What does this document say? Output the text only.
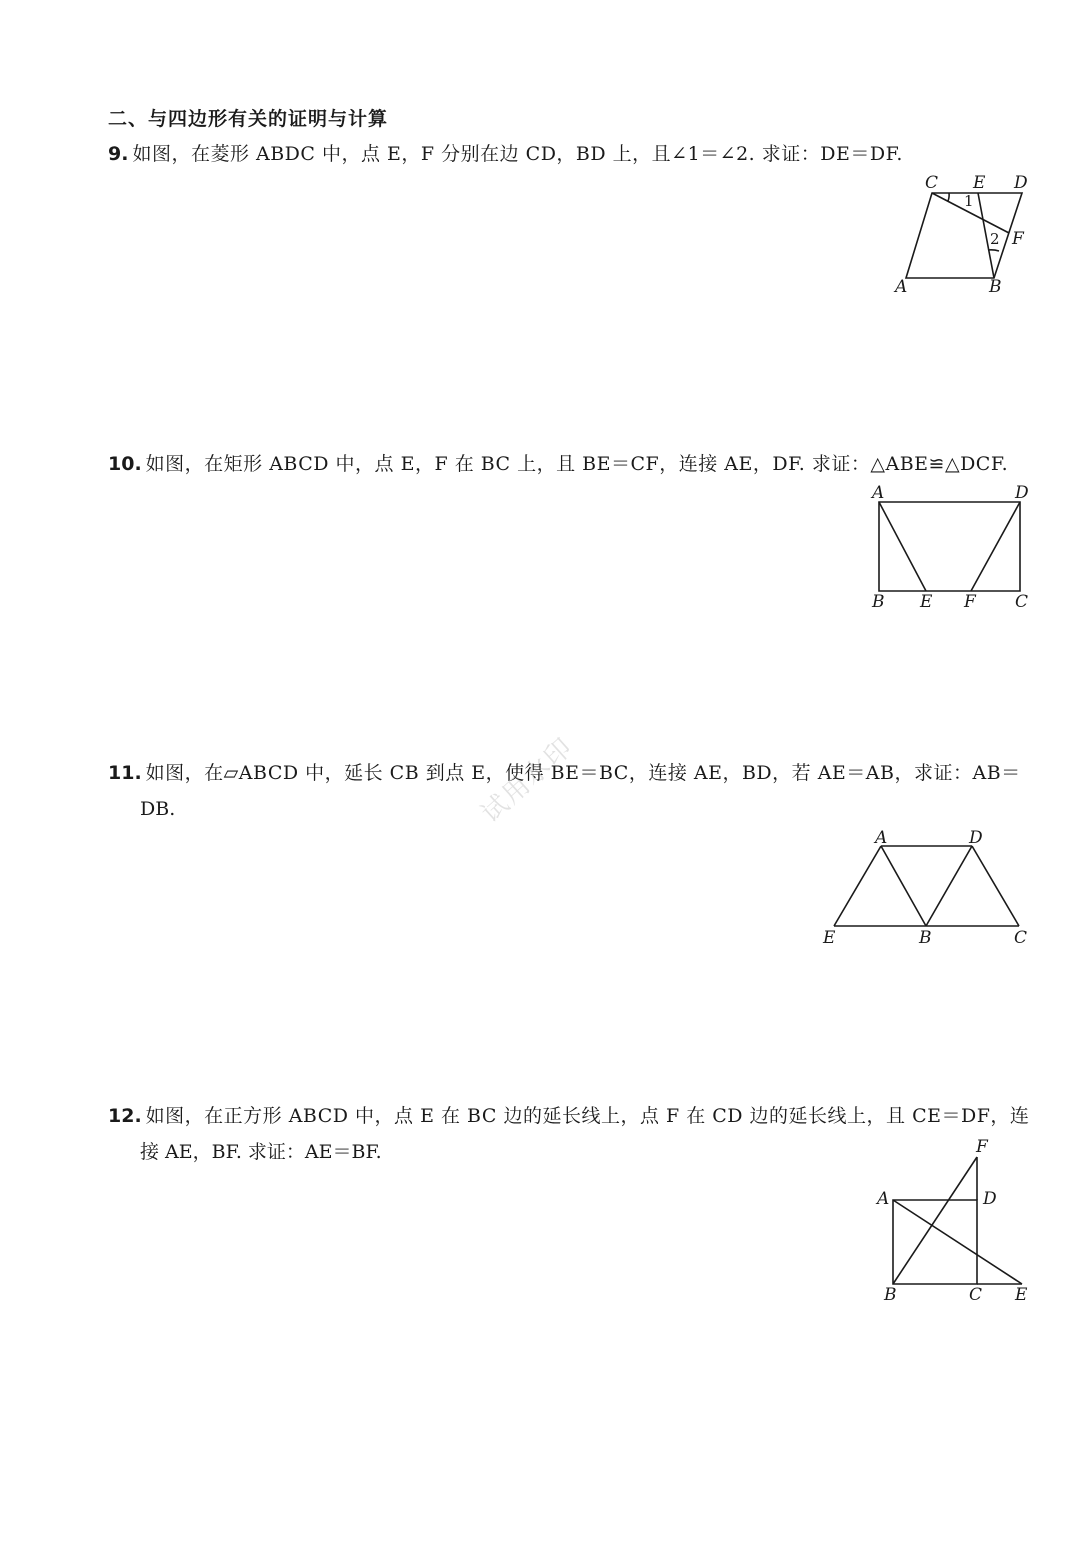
二、与四边形有关的证明与计算
9. 如图，在菱形 ABDC 中，点 E，F 分别在边 CD，BD 上，且∠1＝∠2. 求证：DE＝DF.
C E D
F
A	B
1
2
10. 如图，在矩形 ABCD 中，点 E，F 在 BC 上，且 BE＝CF，连接 AE，DF. 求证：△ABE≌△DCF.
A	D
B E F C
11. 如图，在▱ABCD 中，延长 CB 到点 E，使得 BE＝BC，连接 AE，BD，若 AE＝AB，求证：AB＝
DB.
A	D
E	B	C
12. 如图，在正方形 ABCD 中，点 E 在 BC 边的延长线上，点 F 在 CD 边的延长线上，且 CE＝DF，连
接 AE，BF. 求证：AE＝BF.	F
A	D
B	C E
试用水印
